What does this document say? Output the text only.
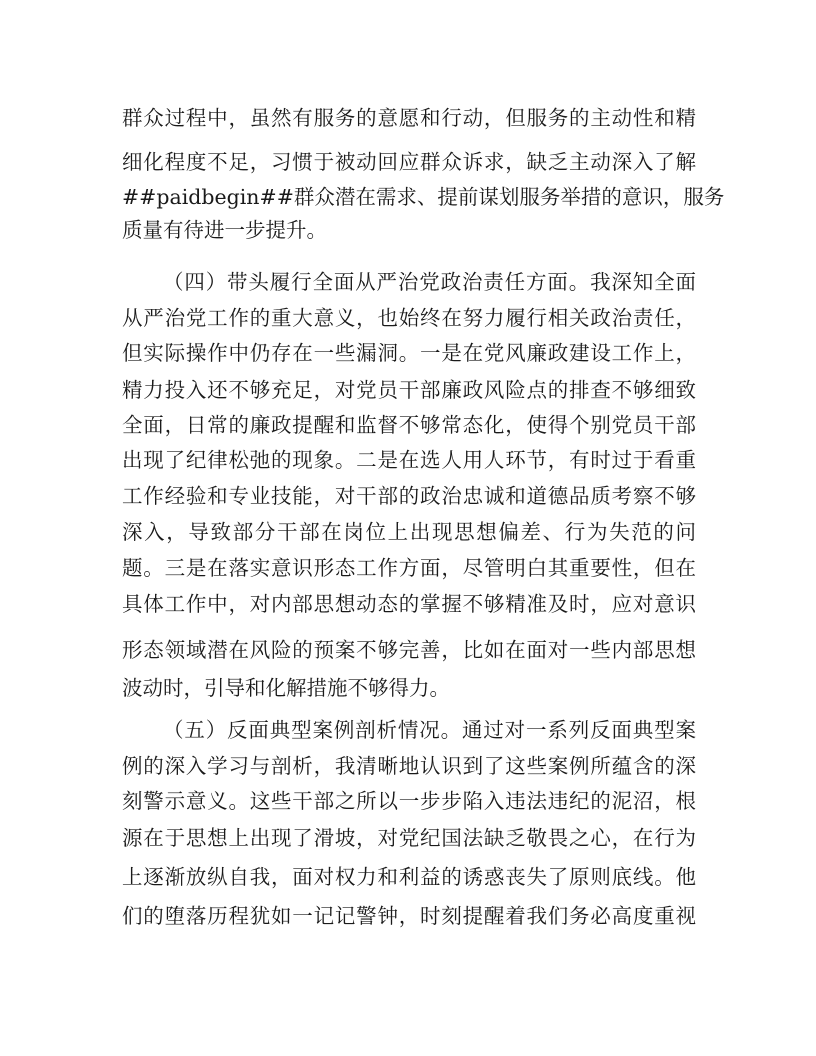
群众过程中，虽然有服务的意愿和行动，但服务的主动性和精
细化程度不足，习惯于被动回应群众诉求，缺乏主动深入了解
##paidbegin##群众潜在需求、提前谋划服务举措的意识，服务
质量有待进一步提升。
（四）带头履行全面从严治党政治责任方面。我深知全面
从严治党工作的重大意义，也始终在努力履行相关政治责任，
但实际操作中仍存在一些漏洞。一是在党风廉政建设工作上，
精力投入还不够充足，对党员干部廉政风险点的排查不够细致
全面，日常的廉政提醒和监督不够常态化，使得个别党员干部
出现了纪律松弛的现象。二是在选人用人环节，有时过于看重
工作经验和专业技能，对干部的政治忠诚和道德品质考察不够
深入，导致部分干部在岗位上出现思想偏差、行为失范的问
题。三是在落实意识形态工作方面，尽管明白其重要性，但在
具体工作中，对内部思想动态的掌握不够精准及时，应对意识
形态领域潜在风险的预案不够完善，比如在面对一些内部思想
波动时，引导和化解措施不够得力。
（五）反面典型案例剖析情况。通过对一系列反面典型案
例的深入学习与剖析，我清晰地认识到了这些案例所蕴含的深
刻警示意义。这些干部之所以一步步陷入违法违纪的泥沼，根
源在于思想上出现了滑坡，对党纪国法缺乏敬畏之心，在行为
上逐渐放纵自我，面对权力和利益的诱惑丧失了原则底线。他
们的堕落历程犹如一记记警钟，时刻提醒着我们务必高度重视
